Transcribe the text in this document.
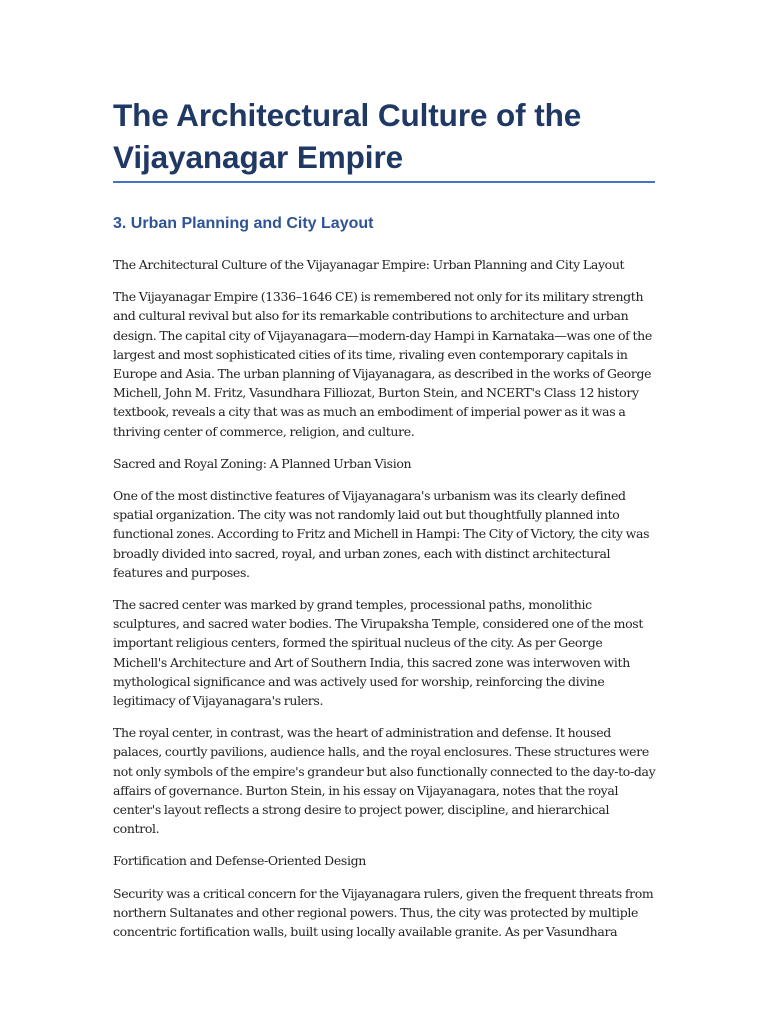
The Architectural Culture of the Vijayanagar Empire
3. Urban Planning and City Layout

The Architectural Culture of the Vijayanagar Empire: Urban Planning and City Layout

The Vijayanagar Empire (1336–1646 CE) is remembered not only for its military strength and cultural revival but also for its remarkable contributions to architecture and urban design. The capital city of Vijayanagara—modern-day Hampi in Karnataka—was one of the largest and most sophisticated cities of its time, rivaling even contemporary capitals in Europe and Asia. The urban planning of Vijayanagara, as described in the works of George Michell, John M. Fritz, Vasundhara Filliozat, Burton Stein, and NCERT's Class 12 history textbook, reveals a city that was as much an embodiment of imperial power as it was a thriving center of commerce, religion, and culture.

Sacred and Royal Zoning: A Planned Urban Vision

One of the most distinctive features of Vijayanagara's urbanism was its clearly defined spatial organization. The city was not randomly laid out but thoughtfully planned into functional zones. According to Fritz and Michell in Hampi: The City of Victory, the city was broadly divided into sacred, royal, and urban zones, each with distinct architectural features and purposes.

The sacred center was marked by grand temples, processional paths, monolithic sculptures, and sacred water bodies. The Virupaksha Temple, considered one of the most important religious centers, formed the spiritual nucleus of the city. As per George Michell's Architecture and Art of Southern India, this sacred zone was interwoven with mythological significance and was actively used for worship, reinforcing the divine legitimacy of Vijayanagara's rulers.

The royal center, in contrast, was the heart of administration and defense. It housed palaces, courtly pavilions, audience halls, and the royal enclosures. These structures were not only symbols of the empire's grandeur but also functionally connected to the day-to-day affairs of governance. Burton Stein, in his essay on Vijayanagara, notes that the royal center's layout reflects a strong desire to project power, discipline, and hierarchical control.

Fortification and Defense-Oriented Design

Security was a critical concern for the Vijayanagara rulers, given the frequent threats from northern Sultanates and other regional powers. Thus, the city was protected by multiple concentric fortification walls, built using locally available granite. As per Vasundhara
